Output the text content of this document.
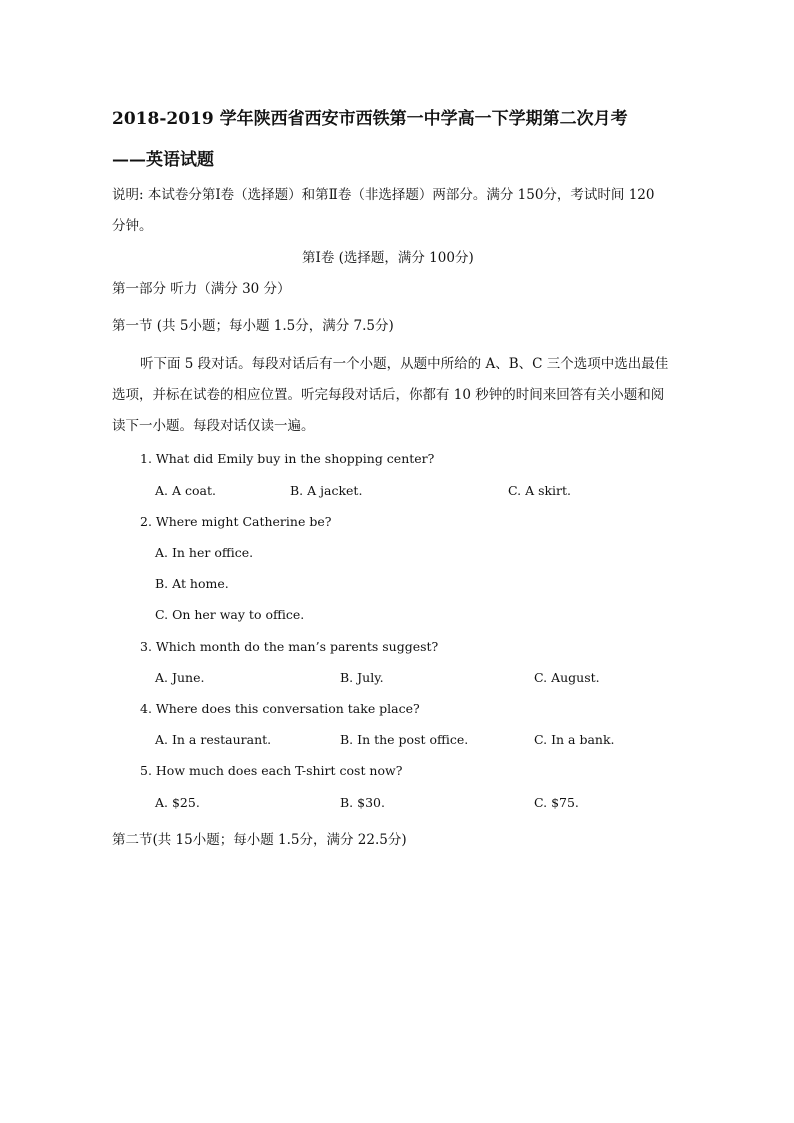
2018-2019 学年陕西省西安市西铁第一中学高一下学期第二次月考
——英语试题
说明: 本试卷分第Ⅰ卷（选择题）和第Ⅱ卷（非选择题）两部分。满分 150分，考试时间 120
分钟。
第Ⅰ卷 (选择题，满分 100分)
第一部分 听力（满分 30 分）
第一节 (共 5小题；每小题 1.5分，满分 7.5分)
听下面 5 段对话。每段对话后有一个小题，从题中所给的 A、B、C 三个选项中选出最佳
选项，并标在试卷的相应位置。听完每段对话后，你都有 10 秒钟的时间来回答有关小题和阅
读下一小题。每段对话仅读一遍。
1. What did Emily buy in the shopping center?
A. A coat.	B. A jacket.	C. A skirt.
2. Where might Catherine be?
A. In her office.
B. At home.
C. On her way to office.
3. Which month do the man’s parents suggest?
A. June.	B. July.	C. August.
4. Where does this conversation take place?
A. In a restaurant.	B. In the post office.	C. In a bank.
5. How much does each T-shirt cost now?
A. $25.	B. $30.	C. $75.
第二节(共 15小题；每小题 1.5分，满分 22.5分)
